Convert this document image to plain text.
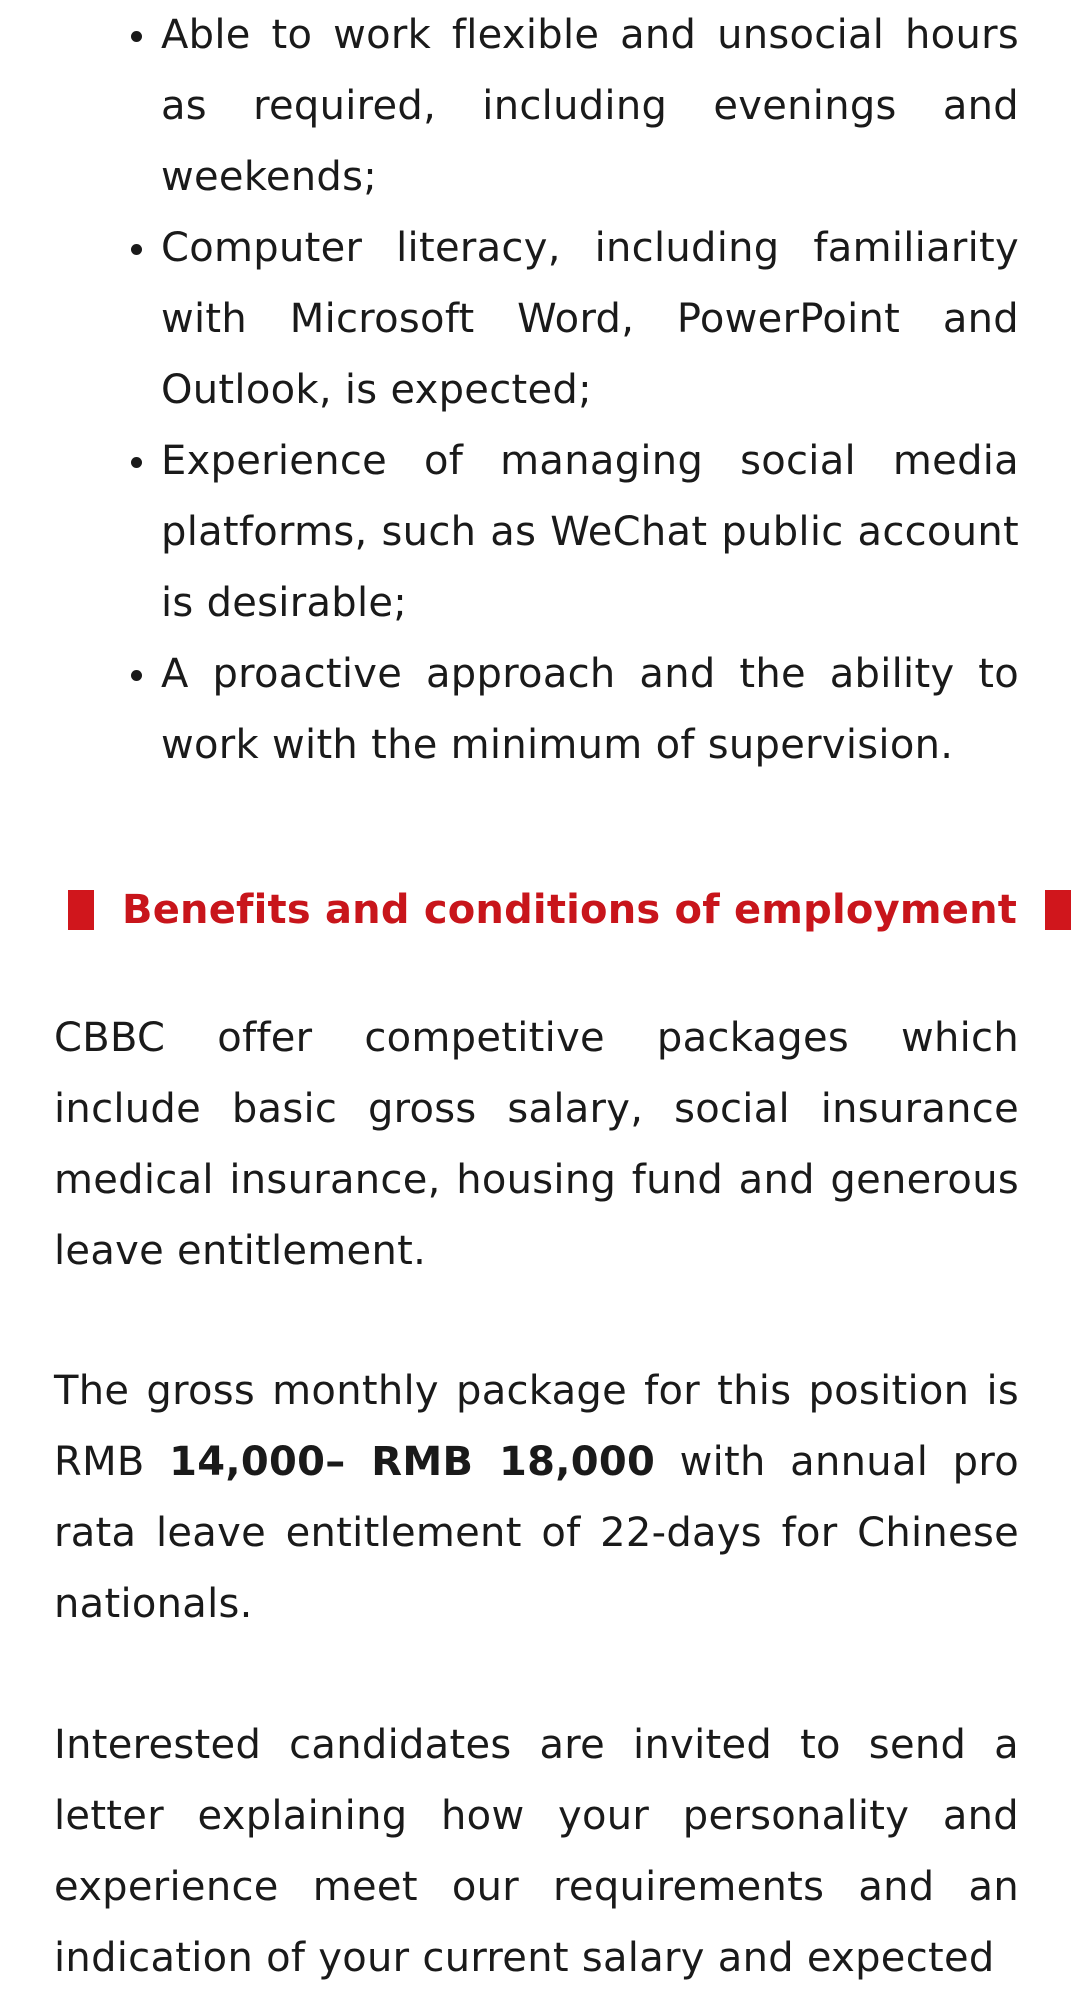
Able to work flexible and unsocial hours as required, including evenings and weekends;
Computer literacy, including familiarity with Microsoft Word, PowerPoint and Outlook, is expected;
Experience of managing social media platforms, such as WeChat public account is desirable;
A proactive approach and the ability to work with the minimum of supervision.
Benefits and conditions of employment

CBBC offer competitive packages which include basic gross salary, social insurance medical insurance, housing fund and generous leave entitlement.

The gross monthly package for this position is RMB 14,000– RMB 18,000 with annual pro rata leave entitlement of 22-days for Chinese nationals.

Interested candidates are invited to send a letter explaining how your personality and experience meet our requirements and an indication of your current salary and expected
